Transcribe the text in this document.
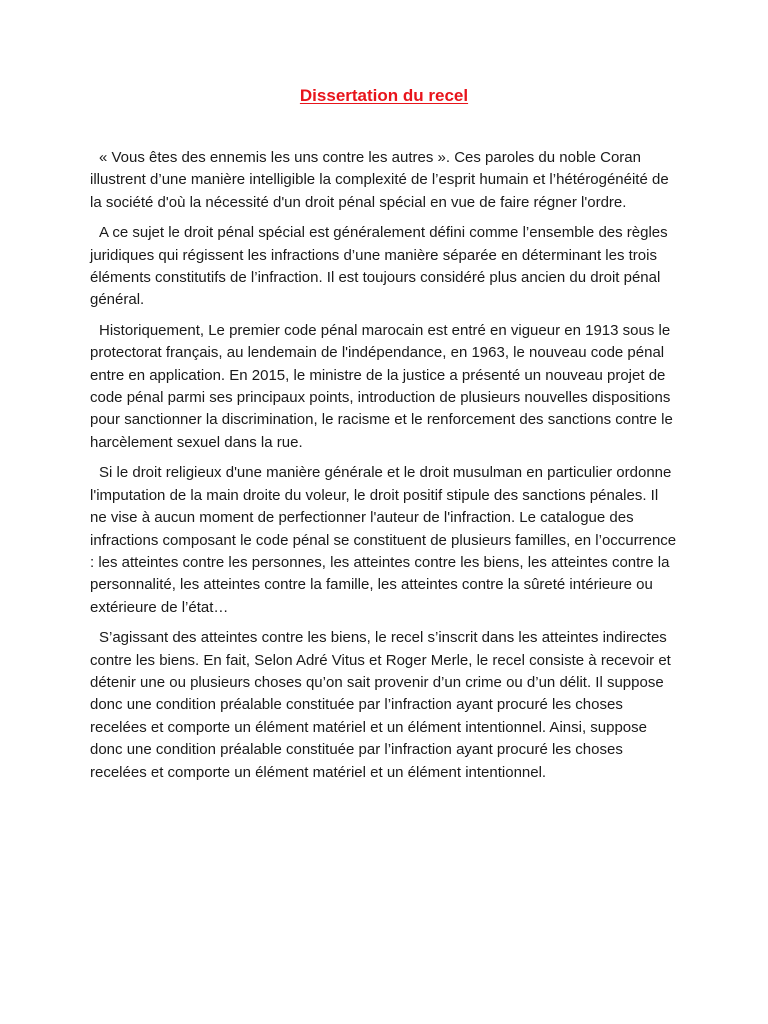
Dissertation du recel

« Vous êtes des ennemis les uns contre les autres ». Ces paroles du noble Coran illustrent d’une manière intelligible la complexité de l’esprit humain et l’hétérogénéité de la société d'où la nécessité d'un droit pénal spécial en vue de faire régner l'ordre.

A ce sujet le droit pénal spécial est généralement défini comme l’ensemble des règles juridiques qui régissent les infractions d’une manière séparée en déterminant les trois éléments constitutifs de l’infraction. Il est toujours considéré plus ancien du droit pénal général.

Historiquement, Le premier code pénal marocain est entré en vigueur en 1913 sous le protectorat français, au lendemain de l'indépendance, en 1963, le nouveau code pénal entre en application. En 2015, le ministre de la justice a présenté un nouveau projet de code pénal parmi ses principaux points, introduction de plusieurs nouvelles dispositions pour sanctionner la discrimination, le racisme et le renforcement des sanctions contre le harcèlement sexuel dans la rue.

Si le droit religieux d'une manière générale et le droit musulman en particulier ordonne l'imputation de la main droite du voleur, le droit positif stipule des sanctions pénales. Il ne vise à aucun moment de perfectionner l'auteur de l'infraction. Le catalogue des infractions composant le code pénal se constituent de plusieurs familles, en l’occurrence : les atteintes contre les personnes, les atteintes contre les biens, les atteintes contre la personnalité, les atteintes contre la famille, les atteintes contre la sûreté intérieure ou extérieure de l’état…

S’agissant des atteintes contre les biens, le recel s’inscrit dans les atteintes indirectes contre les biens. En fait, Selon Adré Vitus et Roger Merle, le recel consiste à recevoir et détenir une ou plusieurs choses qu’on sait provenir d’un crime ou d’un délit. Il suppose donc une condition préalable constituée par l’infraction ayant procuré les choses recelées et comporte un élément matériel et un élément intentionnel. Ainsi, suppose donc une condition préalable constituée par l’infraction ayant procuré les choses recelées et comporte un élément matériel et un élément intentionnel.
